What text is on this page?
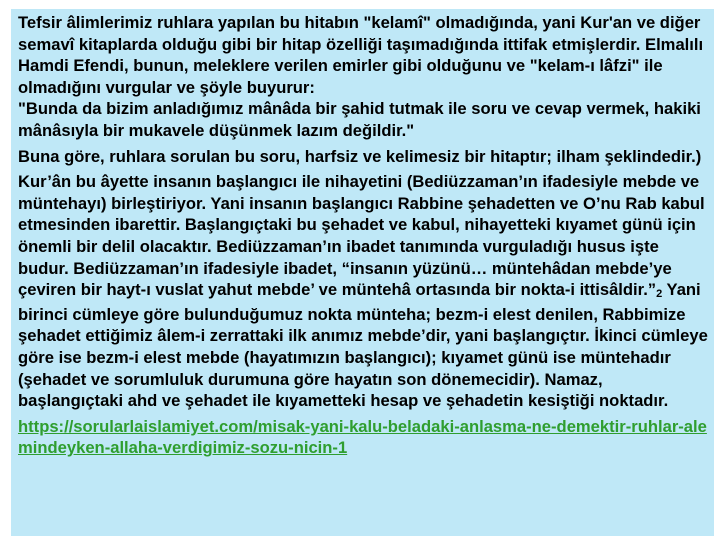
Tefsir âlimlerimiz ruhlara yapılan bu hitabın "kelamî" olmadığında, yani Kur'an ve diğer semavî kitaplarda olduğu gibi bir hitap özelliği taşımadığında ittifak etmişlerdir. Elmalılı Hamdi Efendi, bunun, meleklere verilen emirler gibi olduğunu ve "kelam-ı lâfzi" ile olmadığını vurgular ve şöyle buyurur:

"Bunda da bizim anladığımız mânâda bir şahid tutmak ile soru ve cevap vermek, hakiki mânâsıyla bir mukavele düşünmek lazım değildir."

Buna göre, ruhlara sorulan bu soru, harfsiz ve kelimesiz bir hitaptır; ilham şeklindedir.)

Kur’ân bu âyette insanın başlangıcı ile nihayetini (Bediüzzaman’ın ifadesiyle mebde ve müntehayı) birleştiriyor. Yani insanın başlangıcı Rabbine şehadetten ve O’nu Rab kabul etmesinden ibarettir. Başlangıçtaki bu şehadet ve kabul, nihayetteki kıyamet günü için önemli bir delil olacaktır. Bediüzzaman’ın ibadet tanımında vurguladığı husus işte budur. Bediüzzaman’ın ifadesiyle ibadet, “insanın yüzünü… müntehâdan mebde’ye çeviren bir hayt-ı vuslat yahut mebde’ ve müntehâ ortasında bir nokta-i ittisâldir.”2 Yani birinci cümleye göre bulunduğumuz nokta münteha; bezm-i elest denilen, Rabbimize şehadet ettiğimiz âlem-i zerrattaki ilk anımız mebde’dir, yani başlangıçtır. İkinci cümleye göre ise bezm-i elest mebde (hayatımızın başlangıcı); kıyamet günü ise müntehadır (şehadet ve sorumluluk durumuna göre hayatın son dönemecidir). Namaz, başlangıçtaki ahd ve şehadet ile kıyametteki hesap ve şehadetin kesiştiği noktadır.

https://sorularlaislamiyet.com/misak-yani-kalu-beladaki-anlasma-ne-demektir-ruhlar-alemindeyken-allaha-verdigimiz-sozu-nicin-1
